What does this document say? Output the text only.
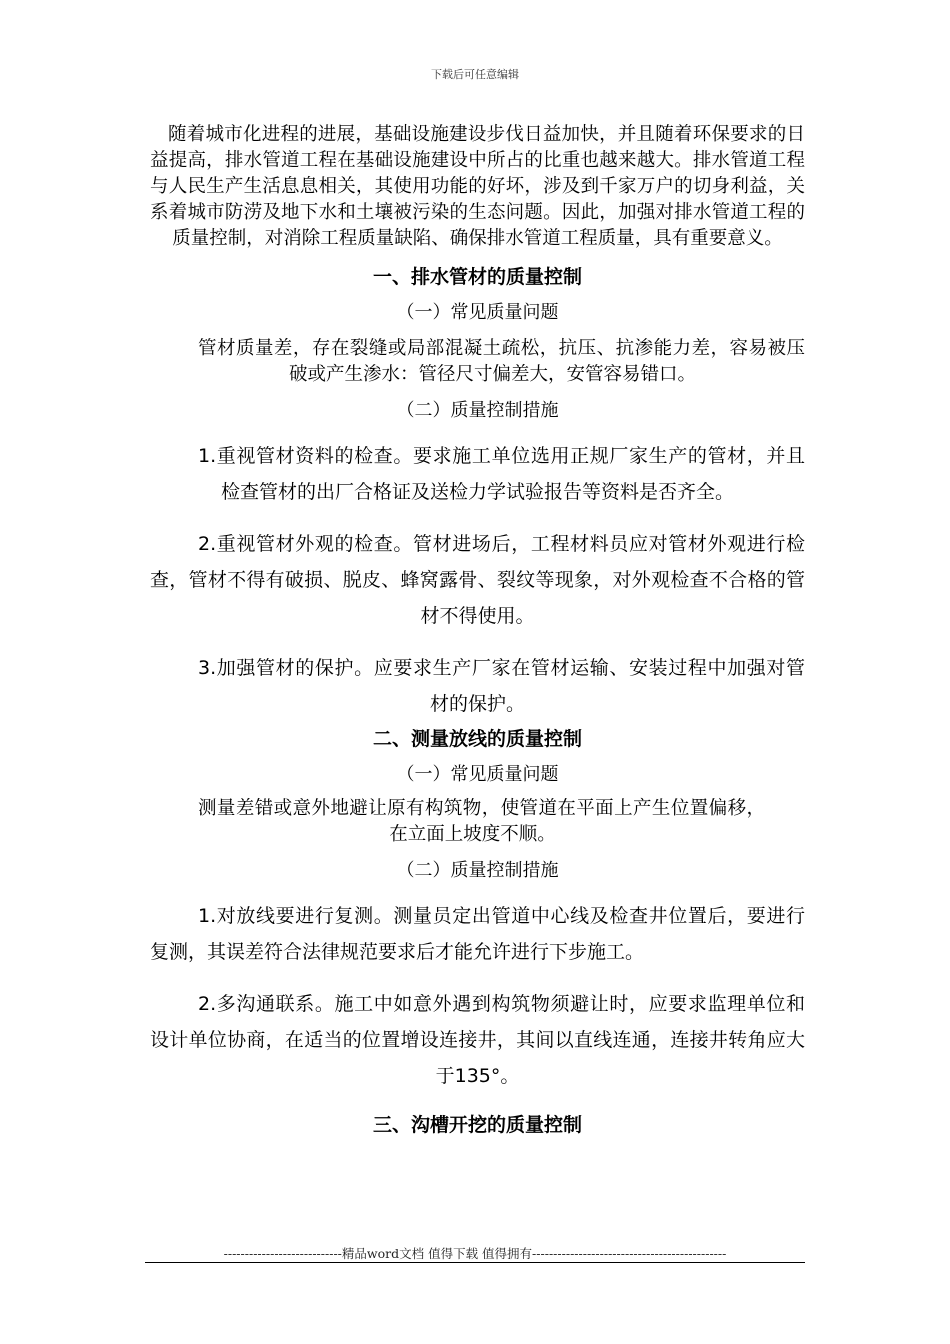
下载后可任意编辑

随着城市化进程的进展，基础设施建设步伐日益加快，并且随着环保要求的日益提高，排水管道工程在基础设施建设中所占的比重也越来越大。排水管道工程与人民生产生活息息相关，其使用功能的好坏，涉及到千家万户的切身利益，关系着城市防涝及地下水和土壤被污染的生态问题。因此，加强对排水管道工程的质量控制，对消除工程质量缺陷、确保排水管道工程质量，具有重要意义。

一、排水管材的质量控制

（一）常见质量问题

管材质量差，存在裂缝或局部混凝土疏松，抗压、抗渗能力差，容易被压破或产生渗水：管径尺寸偏差大，安管容易错口。

（二）质量控制措施

1.重视管材资料的检查。要求施工单位选用正规厂家生产的管材，并且检查管材的出厂合格证及送检力学试验报告等资料是否齐全。

2.重视管材外观的检查。管材进场后，工程材料员应对管材外观进行检查，管材不得有破损、脱皮、蜂窝露骨、裂纹等现象，对外观检查不合格的管材不得使用。

3.加强管材的保护。应要求生产厂家在管材运输、安装过程中加强对管材的保护。

二、测量放线的质量控制

（一）常见质量问题

测量差错或意外地避让原有构筑物，使管道在平面上产生位置偏移，在立面上坡度不顺。

（二）质量控制措施

1.对放线要进行复测。测量员定出管道中心线及检查井位置后，要进行复测，其误差符合法律规范要求后才能允许进行下步施工。

2.多沟通联系。施工中如意外遇到构筑物须避让时，应要求监理单位和设计单位协商，在适当的位置增设连接井，其间以直线连通，连接井转角应大于135°。

三、沟槽开挖的质量控制

----------------------------精品word文档 值得下载 值得拥有----------------------------------------------
